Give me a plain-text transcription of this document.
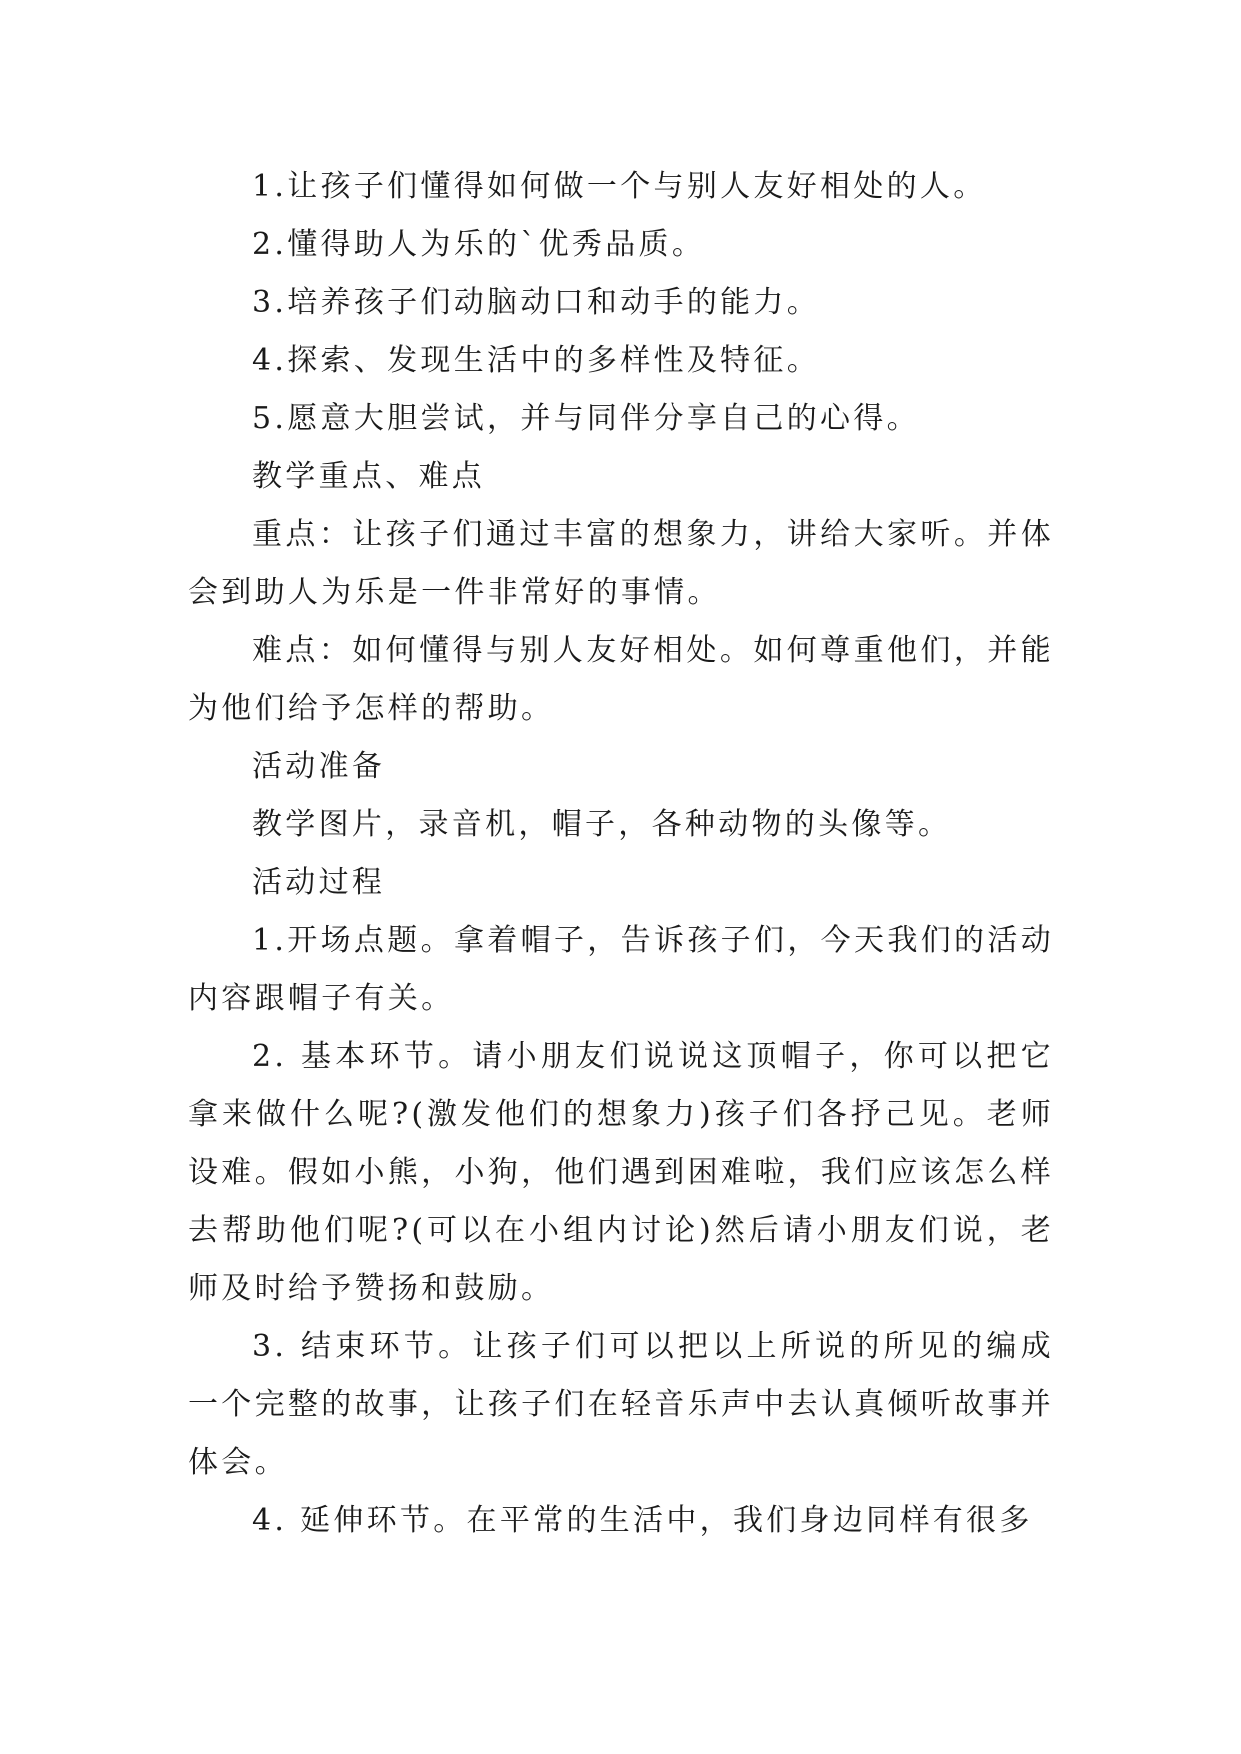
1.让孩子们懂得如何做一个与别人友好相处的人。

2.懂得助人为乐的`优秀品质。

3.培养孩子们动脑动口和动手的能力。

4.探索、发现生活中的多样性及特征。

5.愿意大胆尝试，并与同伴分享自己的心得。

教学重点、难点

重点：让孩子们通过丰富的想象力，讲给大家听。并体会到助人为乐是一件非常好的事情。

难点：如何懂得与别人友好相处。如何尊重他们，并能为他们给予怎样的帮助。

活动准备

教学图片，录音机，帽子，各种动物的头像等。

活动过程

1.开场点题。拿着帽子，告诉孩子们，今天我们的活动内容跟帽子有关。

2. 基本环节。请小朋友们说说这顶帽子，你可以把它拿来做什么呢?(激发他们的想象力)孩子们各抒己见。老师设难。假如小熊，小狗，他们遇到困难啦，我们应该怎么样去帮助他们呢?(可以在小组内讨论)然后请小朋友们说，老师及时给予赞扬和鼓励。

3. 结束环节。让孩子们可以把以上所说的所见的编成一个完整的故事，让孩子们在轻音乐声中去认真倾听故事并体会。

4. 延伸环节。在平常的生活中，我们身边同样有很多
